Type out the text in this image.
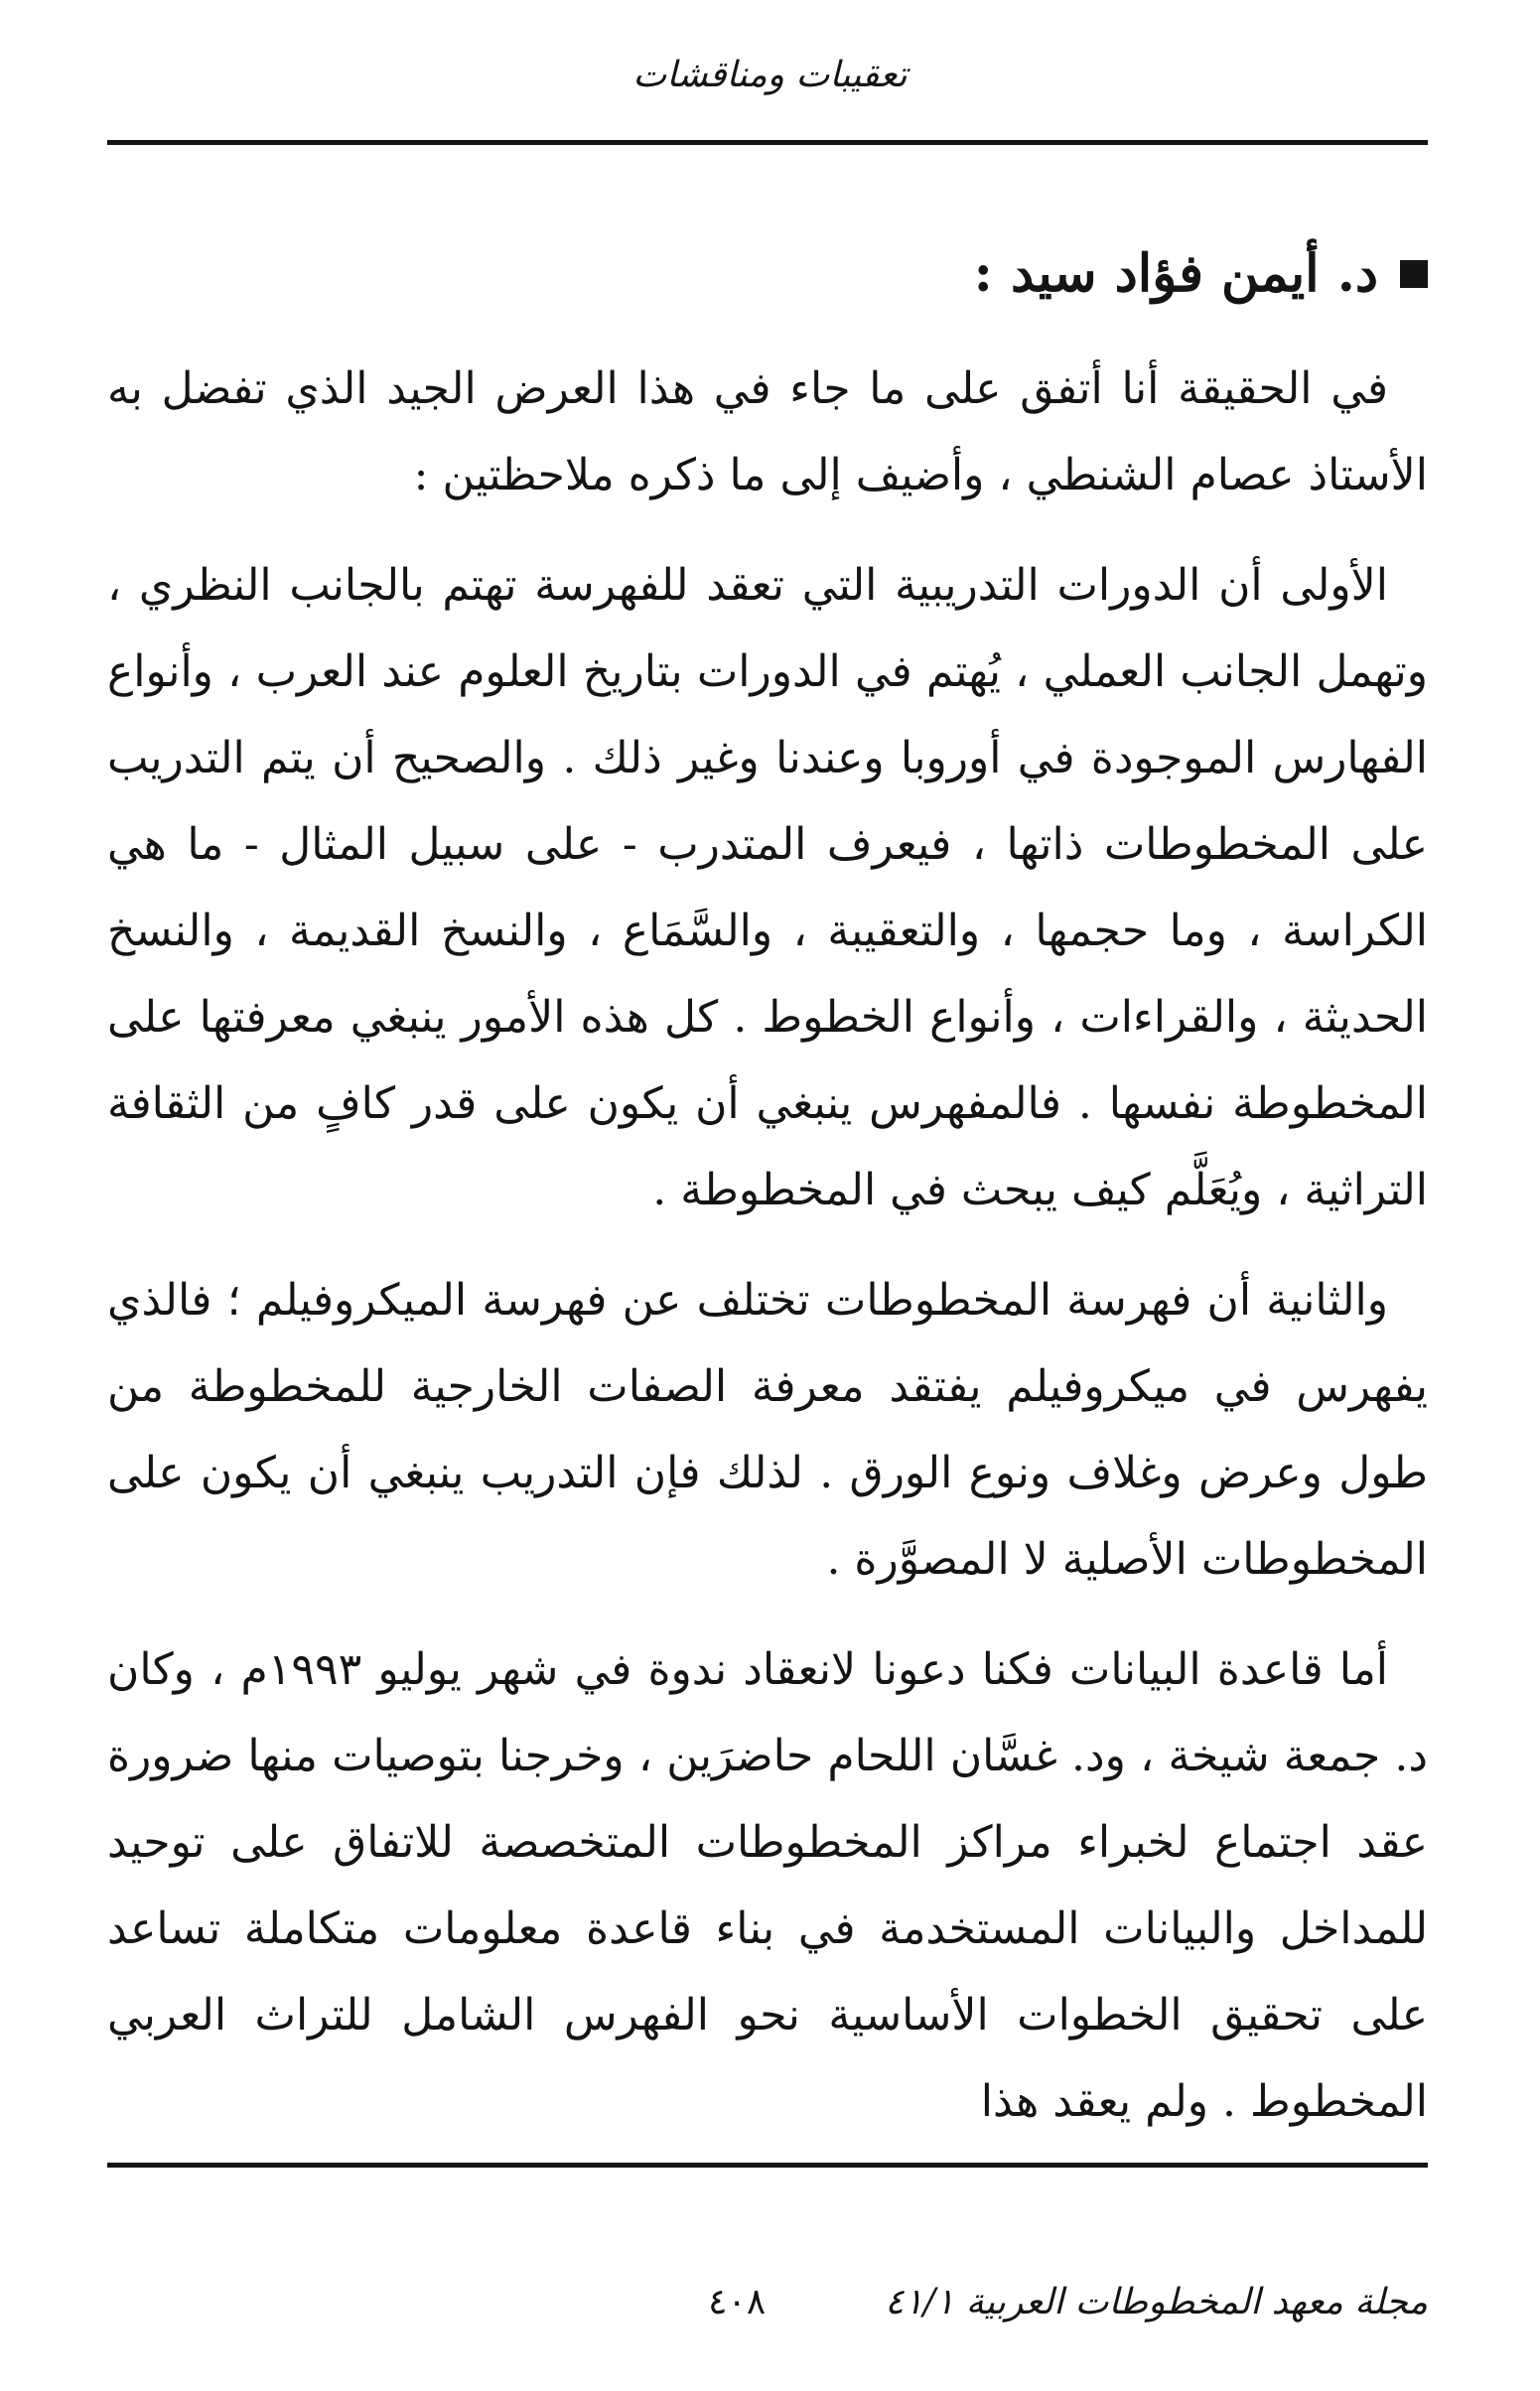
تعقيبات ومناقشات
د. أيمن فؤاد سيد :

في الحقيقة أنا أتفق على ما جاء في هذا العرض الجيد الذي تفضل به الأستاذ عصام الشنطي ، وأضيف إلى ما ذكره ملاحظتين :

الأولى أن الدورات التدريبية التي تعقد للفهرسة تهتم بالجانب النظري ، وتهمل الجانب العملي ، يُهتم في الدورات بتاريخ العلوم عند العرب ، وأنواع الفهارس الموجودة في أوروبا وعندنا وغير ذلك . والصحيح أن يتم التدريب على المخطوطات ذاتها ، فيعرف المتدرب - على سبيل المثال - ما هي الكراسة ، وما حجمها ، والتعقيبة ، والسَّمَاع ، والنسخ القديمة ، والنسخ الحديثة ، والقراءات ، وأنواع الخطوط . كل هذه الأمور ينبغي معرفتها على المخطوطة نفسها . فالمفهرس ينبغي أن يكون على قدر كافٍ من الثقافة التراثية ، ويُعَلَّم كيف يبحث في المخطوطة .

والثانية أن فهرسة المخطوطات تختلف عن فهرسة الميكروفيلم ؛ فالذي يفهرس في ميكروفيلم يفتقد معرفة الصفات الخارجية للمخطوطة من طول وعرض وغلاف ونوع الورق . لذلك فإن التدريب ينبغي أن يكون على المخطوطات الأصلية لا المصوَّرة .

أما قاعدة البيانات فكنا دعونا لانعقاد ندوة في شهر يوليو ١٩٩٣م ، وكان د. جمعة شيخة ، ود. غسَّان اللحام حاضرَين ، وخرجنا بتوصيات منها ضرورة عقد اجتماع لخبراء مراكز المخطوطات المتخصصة للاتفاق على توحيد للمداخل والبيانات المستخدمة في بناء قاعدة معلومات متكاملة تساعد على تحقيق الخطوات الأساسية نحو الفهرس الشامل للتراث العربي المخطوط . ولم يعقد هذا

مجلة معهد المخطوطات العربية ٤١/١
٤٠٨
